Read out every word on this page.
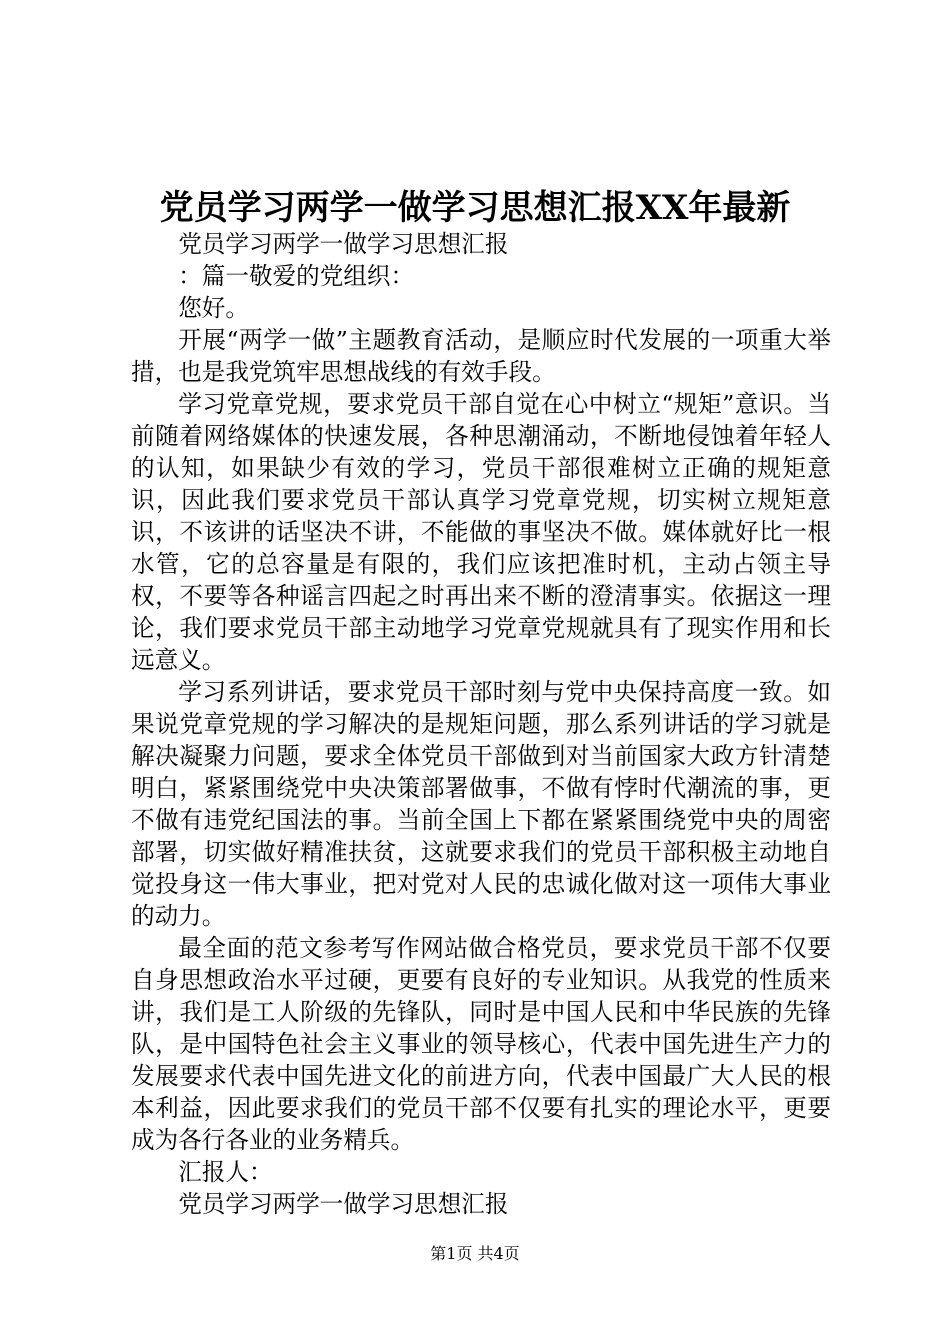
党员学习两学一做学习思想汇报XX年最新

党员学习两学一做学习思想汇报

：篇一敬爱的党组织：

您好。

开展“两学一做”主题教育活动，是顺应时代发展的一项重大举措，也是我党筑牢思想战线的有效手段。

学习党章党规，要求党员干部自觉在心中树立“规矩”意识。当前随着网络媒体的快速发展，各种思潮涌动，不断地侵蚀着年轻人的认知，如果缺少有效的学习，党员干部很难树立正确的规矩意识，因此我们要求党员干部认真学习党章党规，切实树立规矩意识，不该讲的话坚决不讲，不能做的事坚决不做。媒体就好比一根水管，它的总容量是有限的，我们应该把准时机，主动占领主导权，不要等各种谣言四起之时再出来不断的澄清事实。依据这一理论，我们要求党员干部主动地学习党章党规就具有了现实作用和长远意义。

学习系列讲话，要求党员干部时刻与党中央保持高度一致。如果说党章党规的学习解决的是规矩问题，那么系列讲话的学习就是解决凝聚力问题，要求全体党员干部做到对当前国家大政方针清楚明白，紧紧围绕党中央决策部署做事，不做有悖时代潮流的事，更不做有违党纪国法的事。当前全国上下都在紧紧围绕党中央的周密部署，切实做好精准扶贫，这就要求我们的党员干部积极主动地自觉投身这一伟大事业，把对党对人民的忠诚化做对这一项伟大事业的动力。

最全面的范文参考写作网站做合格党员，要求党员干部不仅要自身思想政治水平过硬，更要有良好的专业知识。从我党的性质来讲，我们是工人阶级的先锋队，同时是中国人民和中华民族的先锋队，是中国特色社会主义事业的领导核心，代表中国先进生产力的发展要求代表中国先进文化的前进方向，代表中国最广大人民的根本利益，因此要求我们的党员干部不仅要有扎实的理论水平，更要成为各行各业的业务精兵。

汇报人：

党员学习两学一做学习思想汇报

第1页 共4页
